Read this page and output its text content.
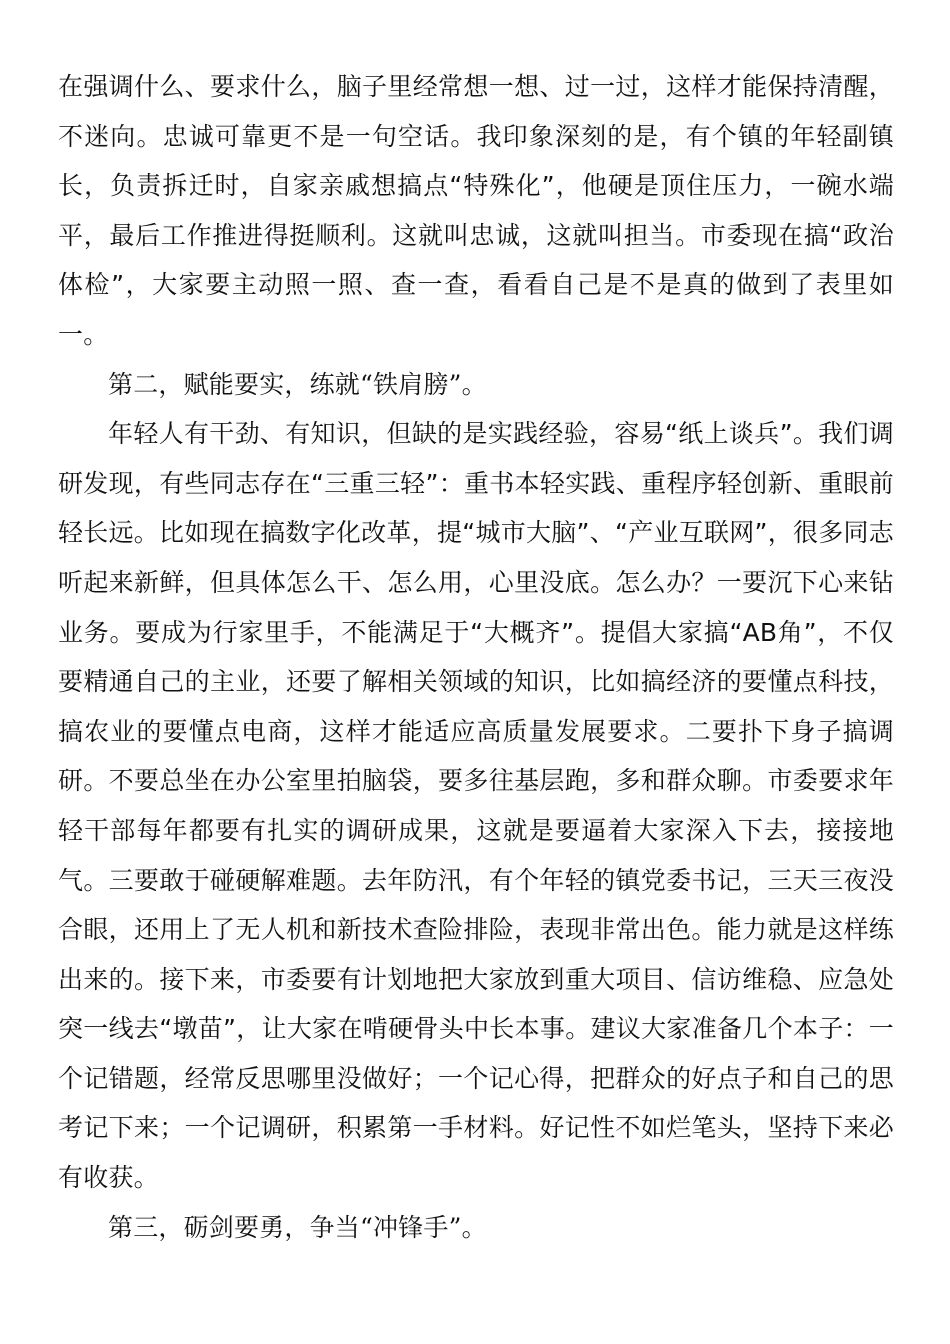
在强调什么、要求什么，脑子里经常想一想、过一过，这样才能保持清醒，不迷向。忠诚可靠更不是一句空话。我印象深刻的是，有个镇的年轻副镇长，负责拆迁时，自家亲戚想搞点“特殊化”，他硬是顶住压力，一碗水端平，最后工作推进得挺顺利。这就叫忠诚，这就叫担当。市委现在搞“政治体检”，大家要主动照一照、查一查，看看自己是不是真的做到了表里如一。

第二，赋能要实，练就“铁肩膀”。

年轻人有干劲、有知识，但缺的是实践经验，容易“纸上谈兵”。我们调研发现，有些同志存在“三重三轻”：重书本轻实践、重程序轻创新、重眼前轻长远。比如现在搞数字化改革，提“城市大脑”、“产业互联网”，很多同志听起来新鲜，但具体怎么干、怎么用，心里没底。怎么办？一要沉下心来钻业务。要成为行家里手，不能满足于“大概齐”。提倡大家搞“AB角”，不仅要精通自己的主业，还要了解相关领域的知识，比如搞经济的要懂点科技，搞农业的要懂点电商，这样才能适应高质量发展要求。二要扑下身子搞调研。不要总坐在办公室里拍脑袋，要多往基层跑，多和群众聊。市委要求年轻干部每年都要有扎实的调研成果，这就是要逼着大家深入下去，接接地气。三要敢于碰硬解难题。去年防汛，有个年轻的镇党委书记，三天三夜没合眼，还用上了无人机和新技术查险排险，表现非常出色。能力就是这样练出来的。接下来，市委要有计划地把大家放到重大项目、信访维稳、应急处突一线去“墩苗”，让大家在啃硬骨头中长本事。建议大家准备几个本子：一个记错题，经常反思哪里没做好；一个记心得，把群众的好点子和自己的思考记下来；一个记调研，积累第一手材料。好记性不如烂笔头，坚持下来必有收获。

第三，砺剑要勇，争当“冲锋手”。
